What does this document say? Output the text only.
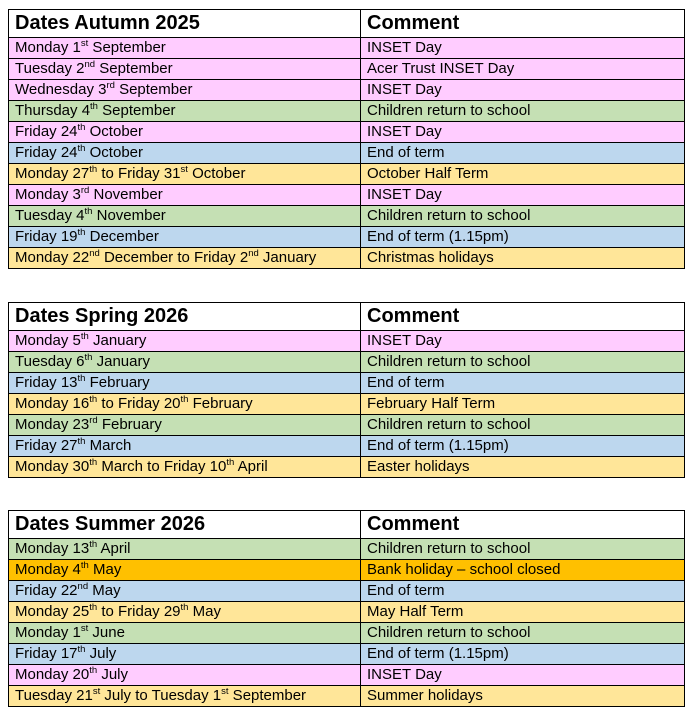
Dates Autumn 2025	Comment
Monday 1st September	INSET Day
Tuesday 2nd September	Acer Trust INSET Day
Wednesday 3rd September	INSET Day
Thursday 4th September	Children return to school
Friday 24th October	INSET Day
Friday 24th October	End of term
Monday 27th to Friday 31st October	October Half Term
Monday 3rd November	INSET Day
Tuesday 4th November	Children return to school
Friday 19th December	End of term (1.15pm)
Monday 22nd December to Friday 2nd January	Christmas holidays
Dates Spring 2026	Comment
Monday 5th January	INSET Day
Tuesday 6th January	Children return to school
Friday 13th February	End of term
Monday 16th to Friday 20th February	February Half Term
Monday 23rd February	Children return to school
Friday 27th March	End of term (1.15pm)
Monday 30th March to Friday 10th April	Easter holidays
Dates Summer 2026	Comment
Monday 13th April	Children return to school
Monday 4th May	Bank holiday – school closed
Friday 22nd May	End of term
Monday 25th to Friday 29th May	May Half Term
Monday 1st June	Children return to school
Friday 17th July	End of term (1.15pm)
Monday 20th July	INSET Day
Tuesday 21st July to Tuesday 1st September	Summer holidays
